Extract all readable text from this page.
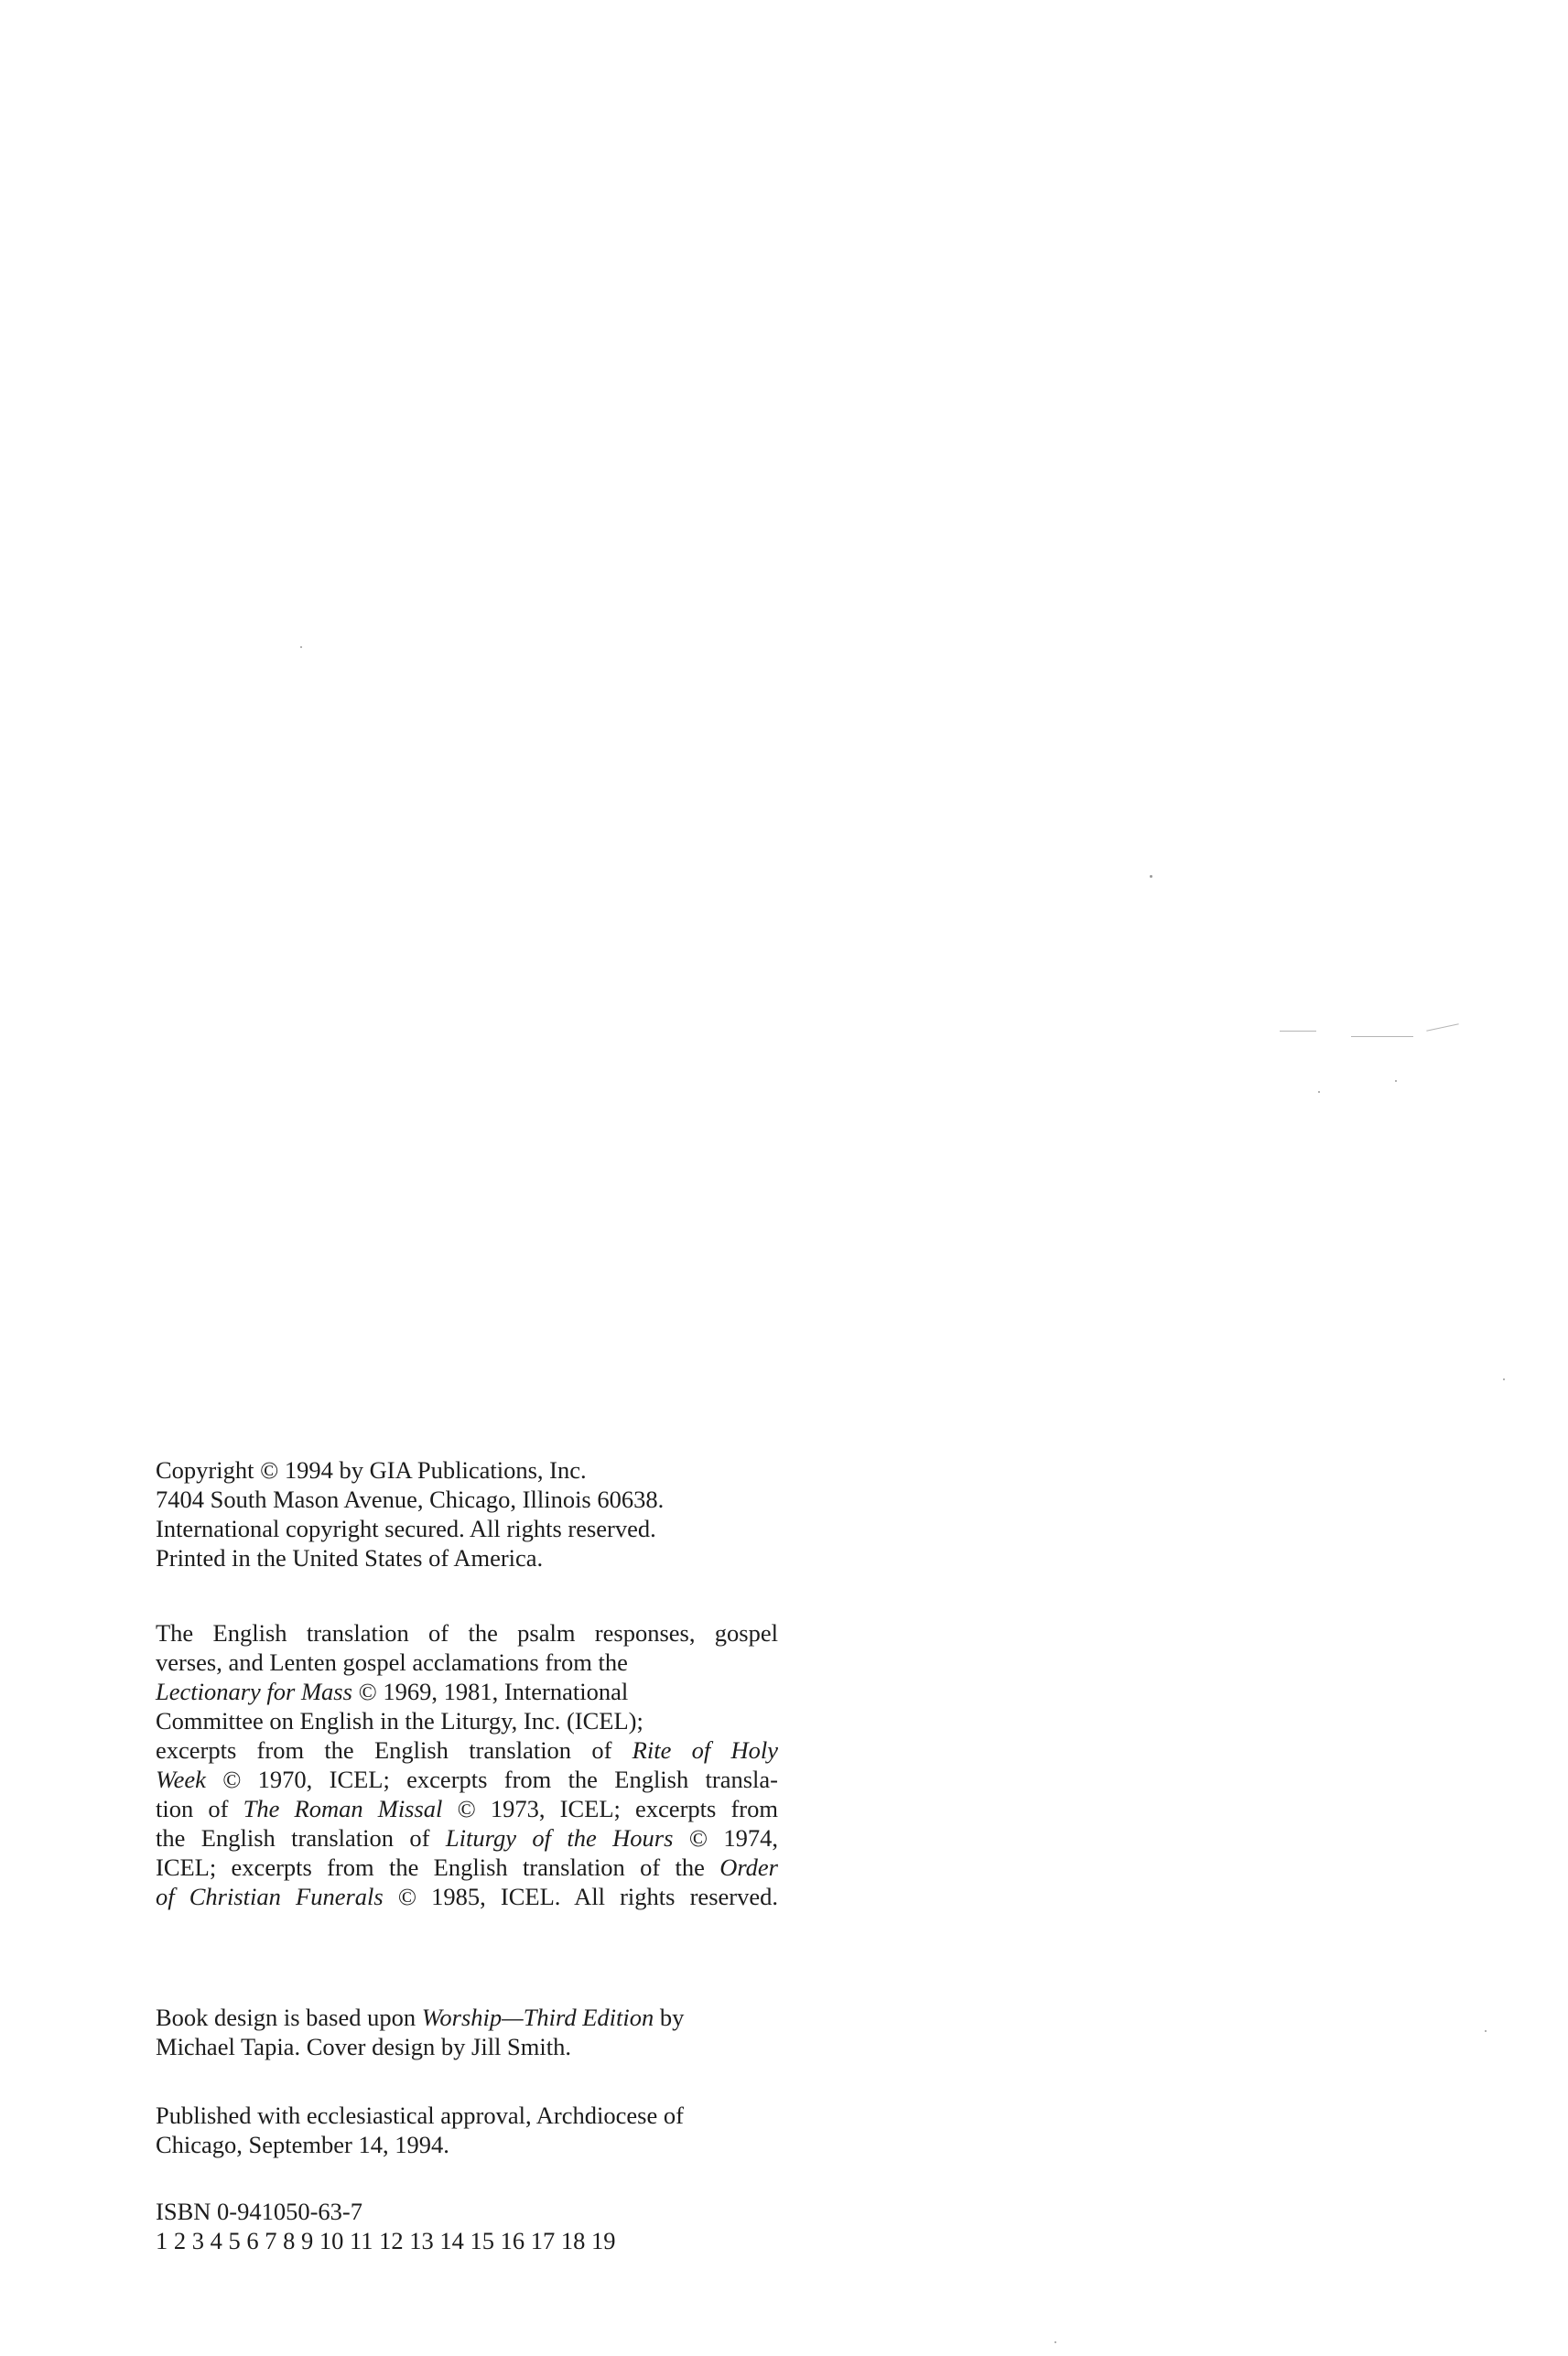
Copyright © 1994 by GIA Publications, Inc.
7404 South Mason Avenue, Chicago, Illinois 60638.
International copyright secured. All rights reserved.
Printed in the United States of America.
The English translation of the psalm responses, gospel
verses, and Lenten gospel acclamations from the
Lectionary for Mass © 1969, 1981, International
Committee on English in the Liturgy, Inc. (ICEL);
excerpts from the English translation of Rite of Holy
Week © 1970, ICEL; excerpts from the English transla-
tion of The Roman Missal © 1973, ICEL; excerpts from
the English translation of Liturgy of the Hours © 1974,
ICEL; excerpts from the English translation of the Order
of Christian Funerals © 1985, ICEL. All rights reserved.
Book design is based upon Worship—Third Edition by
Michael Tapia. Cover design by Jill Smith.
Published with ecclesiastical approval, Archdiocese of
Chicago, September 14, 1994.
ISBN 0-941050-63-7
1 2 3 4 5 6 7 8 9 10 11 12 13 14 15 16 17 18 19
